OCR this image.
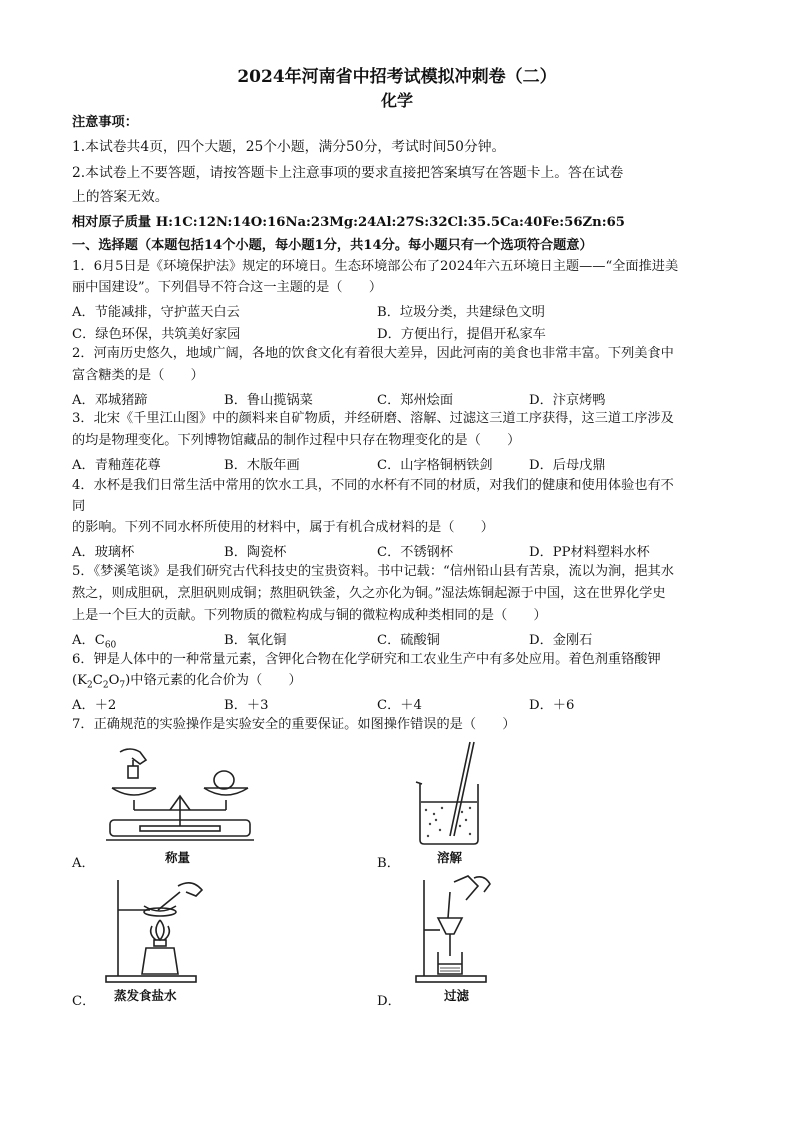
2024年河南省中招考试模拟冲刺卷（二）
化学
注意事项：
1.本试卷共4页，四个大题，25个小题，满分50分，考试时间50分钟。
2.本试卷上不要答题，请按答题卡上注意事项的要求直接把答案填写在答题卡上。答在试卷
上的答案无效。
相对原子质量 H:1C:12N:14O:16Na:23Mg:24Al:27S:32Cl:35.5Ca:40Fe:56Zn:65
一、选择题（本题包括14个小题，每小题1分，共14分。每小题只有一个选项符合题意）
1．6月5日是《环境保护法》规定的环境日。生态环境部公布了2024年六五环境日主题——“全面推进美
丽中国建设”。下列倡导不符合这一主题的是（　　）
A．节能减排，守护蓝天白云	B．垃圾分类，共建绿色文明
C．绿色环保，共筑美好家园	D．方便出行，提倡开私家车
2．河南历史悠久，地域广阔，各地的饮食文化有着很大差异，因此河南的美食也非常丰富。下列美食中
富含糖类的是（　　）
A．邓城猪蹄	B．鲁山揽锅菜	C．郑州烩面	D．汴京烤鸭
3．北宋《千里江山图》中的颜料来自矿物质，并经研磨、溶解、过滤这三道工序获得，这三道工序涉及
的均是物理变化。下列博物馆藏品的制作过程中只存在物理变化的是（　　）
A．青釉莲花尊	B．木版年画	C．山字格铜柄铁剑	D．后母戊鼎
4．水杯是我们日常生活中常用的饮水工具，不同的水杯有不同的材质，对我们的健康和使用体验也有不
同
的影响。下列不同水杯所使用的材料中，属于有机合成材料的是（　　）
A．玻璃杯	B．陶瓷杯	C．不锈钢杯	D．PP材料塑料水杯
5．《梦溪笔谈》是我们研究古代科技史的宝贵资料。书中记载：“信州铅山县有苦泉，流以为涧，挹其水
熬之，则成胆矾，烹胆矾则成铜；熬胆矾铁釜，久之亦化为铜。”湿法炼铜起源于中国，这在世界化学史
上是一个巨大的贡献。下列物质的微粒构成与铜的微粒构成种类相同的是（　　）
A．$C_{60}$	B．氧化铜	C．硫酸铜	D．金刚石
6．钾是人体中的一种常量元素，含钾化合物在化学研究和工农业生产中有多处应用。着色剂重铬酸钾
$(K_2C_2O_7)$中铬元素的化合价为（　　）
A．＋2	B．＋3	C．＋4	D．＋6
7．正确规范的实验操作是实验安全的重要保证。如图操作错误的是（　　）
A．	称量	B．	溶解
C． 蒸发食盐水	D．	过滤
